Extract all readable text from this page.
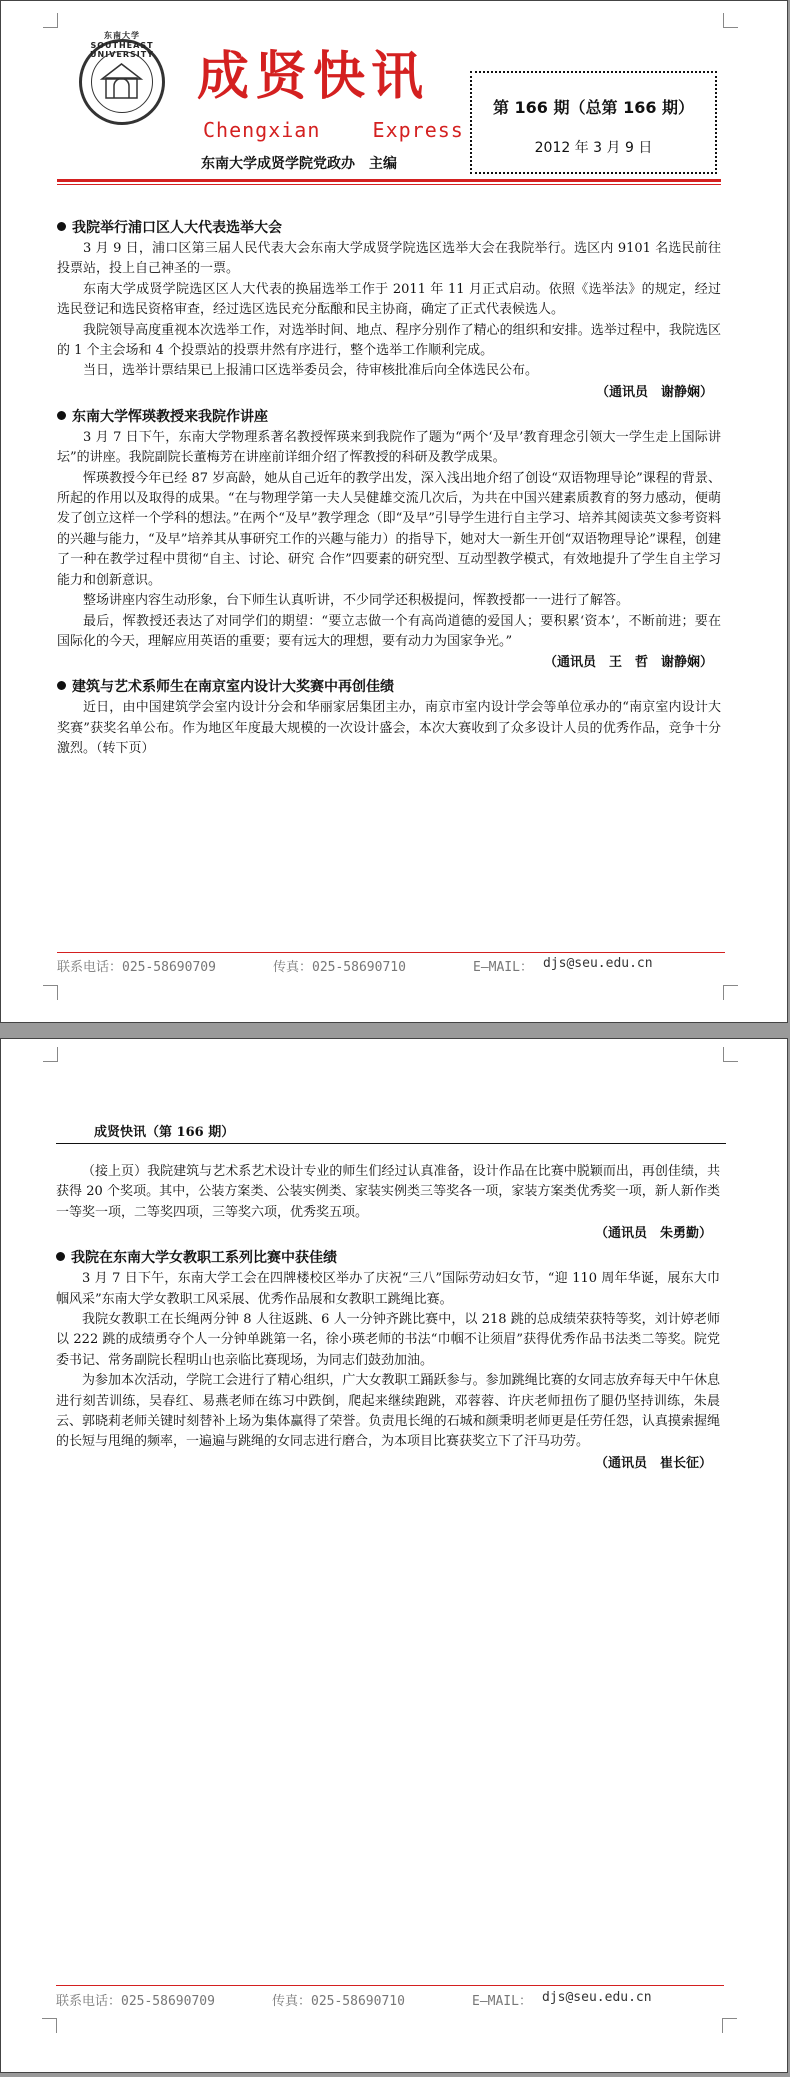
东南大学 SOUTHEAST UNIVERSITY 成贤快讯
Chengxian    Express
东南大学成贤学院党政办　主编
第 166 期（总第 166 期）
2012 年 3 月 9 日
我院举行浦口区人大代表选举大会

3 月 9 日，浦口区第三届人民代表大会东南大学成贤学院选区选举大会在我院举行。选区内 9101 名选民前往投票站，投上自己神圣的一票。

东南大学成贤学院选区区人大代表的换届选举工作于 2011 年 11 月正式启动。依照《选举法》的规定，经过选民登记和选民资格审查，经过选区选民充分酝酿和民主协商，确定了正式代表候选人。

我院领导高度重视本次选举工作，对选举时间、地点、程序分别作了精心的组织和安排。选举过程中，我院选区的 1 个主会场和 4 个投票站的投票井然有序进行，整个选举工作顺利完成。

当日，选举计票结果已上报浦口区选举委员会，待审核批准后向全体选民公布。

（通讯员　谢静娴）
东南大学恽瑛教授来我院作讲座

3 月 7 日下午，东南大学物理系著名教授恽瑛来到我院作了题为“两个‘及早’教育理念引领大一学生走上国际讲坛”的讲座。我院副院长董梅芳在讲座前详细介绍了恽教授的科研及教学成果。

恽瑛教授今年已经 87 岁高龄，她从自己近年的教学出发，深入浅出地介绍了创设“双语物理导论”课程的背景、所起的作用以及取得的成果。“在与物理学第一夫人吴健雄交流几次后，为共在中国兴建素质教育的努力感动，便萌发了创立这样一个学科的想法。”在两个“及早”教学理念（即“及早”引导学生进行自主学习、培养其阅读英文参考资料的兴趣与能力，“及早”培养其从事研究工作的兴趣与能力）的指导下，她对大一新生开创“双语物理导论”课程，创建了一种在教学过程中贯彻“自主、讨论、研究 合作”四要素的研究型、互动型教学模式，有效地提升了学生自主学习能力和创新意识。

整场讲座内容生动形象，台下师生认真听讲，不少同学还积极提问，恽教授都一一进行了解答。

最后，恽教授还表达了对同学们的期望：“要立志做一个有高尚道德的爱国人；要积累‘资本’，不断前进；要在国际化的今天，理解应用英语的重要；要有远大的理想，要有动力为国家争光。”

（通讯员　王　哲　谢静娴）
建筑与艺术系师生在南京室内设计大奖赛中再创佳绩

近日，由中国建筑学会室内设计分会和华丽家居集团主办，南京市室内设计学会等单位承办的“南京室内设计大奖赛”获奖名单公布。作为地区年度最大规模的一次设计盛会，本次大赛收到了众多设计人员的优秀作品，竞争十分激烈。（转下页）

联系电话：025-58690709	传真：025-58690710	E—MAIL： djs@seu.edu.cn
成贤快讯（第 166 期）

（接上页）我院建筑与艺术系艺术设计专业的师生们经过认真准备，设计作品在比赛中脱颖而出，再创佳绩，共获得 20 个奖项。其中，公装方案类、公装实例类、家装实例类三等奖各一项，家装方案类优秀奖一项，新人新作类一等奖一项，二等奖四项，三等奖六项，优秀奖五项。

（通讯员　朱勇勤）
我院在东南大学女教职工系列比赛中获佳绩

3 月 7 日下午，东南大学工会在四牌楼校区举办了庆祝“三八”国际劳动妇女节，“迎 110 周年华诞，展东大巾帼风采”东南大学女教职工风采展、优秀作品展和女教职工跳绳比赛。

我院女教职工在长绳两分钟 8 人往返跳、6 人一分钟齐跳比赛中，以 218 跳的总成绩荣获特等奖，刘计婷老师以 222 跳的成绩勇夺个人一分钟单跳第一名，徐小瑛老师的书法“巾帼不让须眉”获得优秀作品书法类二等奖。院党委书记、常务副院长程明山也亲临比赛现场，为同志们鼓劲加油。

为参加本次活动，学院工会进行了精心组织，广大女教职工踊跃参与。参加跳绳比赛的女同志放弃每天中午休息进行刻苦训练，吴春红、易燕老师在练习中跌倒，爬起来继续跑跳，邓蓉蓉、许庆老师扭伤了腿仍坚持训练，朱晨云、郭晓莉老师关键时刻替补上场为集体赢得了荣誉。负责甩长绳的石城和颜秉明老师更是任劳任怨，认真摸索握绳的长短与甩绳的频率，一遍遍与跳绳的女同志进行磨合，为本项目比赛获奖立下了汗马功劳。

（通讯员　崔长征）
联系电话：025-58690709	传真：025-58690710	E—MAIL： djs@seu.edu.cn
